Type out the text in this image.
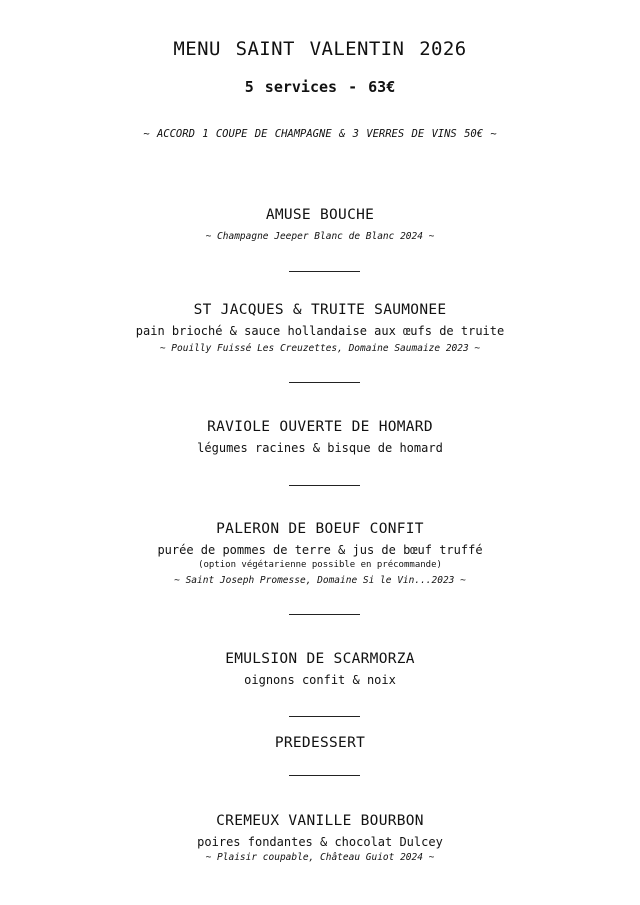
MENU SAINT VALENTIN 2026
5 services - 63€
~ ACCORD 1 COUPE DE CHAMPAGNE & 3 VERRES DE VINS 50€ ~
AMUSE BOUCHE
~ Champagne Jeeper Blanc de Blanc 2024 ~
ST JACQUES & TRUITE SAUMONEE
pain brioché & sauce hollandaise aux œufs de truite
~ Pouilly Fuissé Les Creuzettes, Domaine Saumaize 2023 ~
RAVIOLE OUVERTE DE HOMARD
légumes racines & bisque de homard
PALERON DE BOEUF CONFIT
purée de pommes de terre & jus de bœuf truffé
(option végétarienne possible en précommande)
~ Saint Joseph Promesse, Domaine Si le Vin...2023 ~
EMULSION DE SCARMORZA
oignons confit & noix
PREDESSERT
CREMEUX VANILLE BOURBON
poires fondantes & chocolat Dulcey
~ Plaisir coupable, Château Guiot 2024 ~
